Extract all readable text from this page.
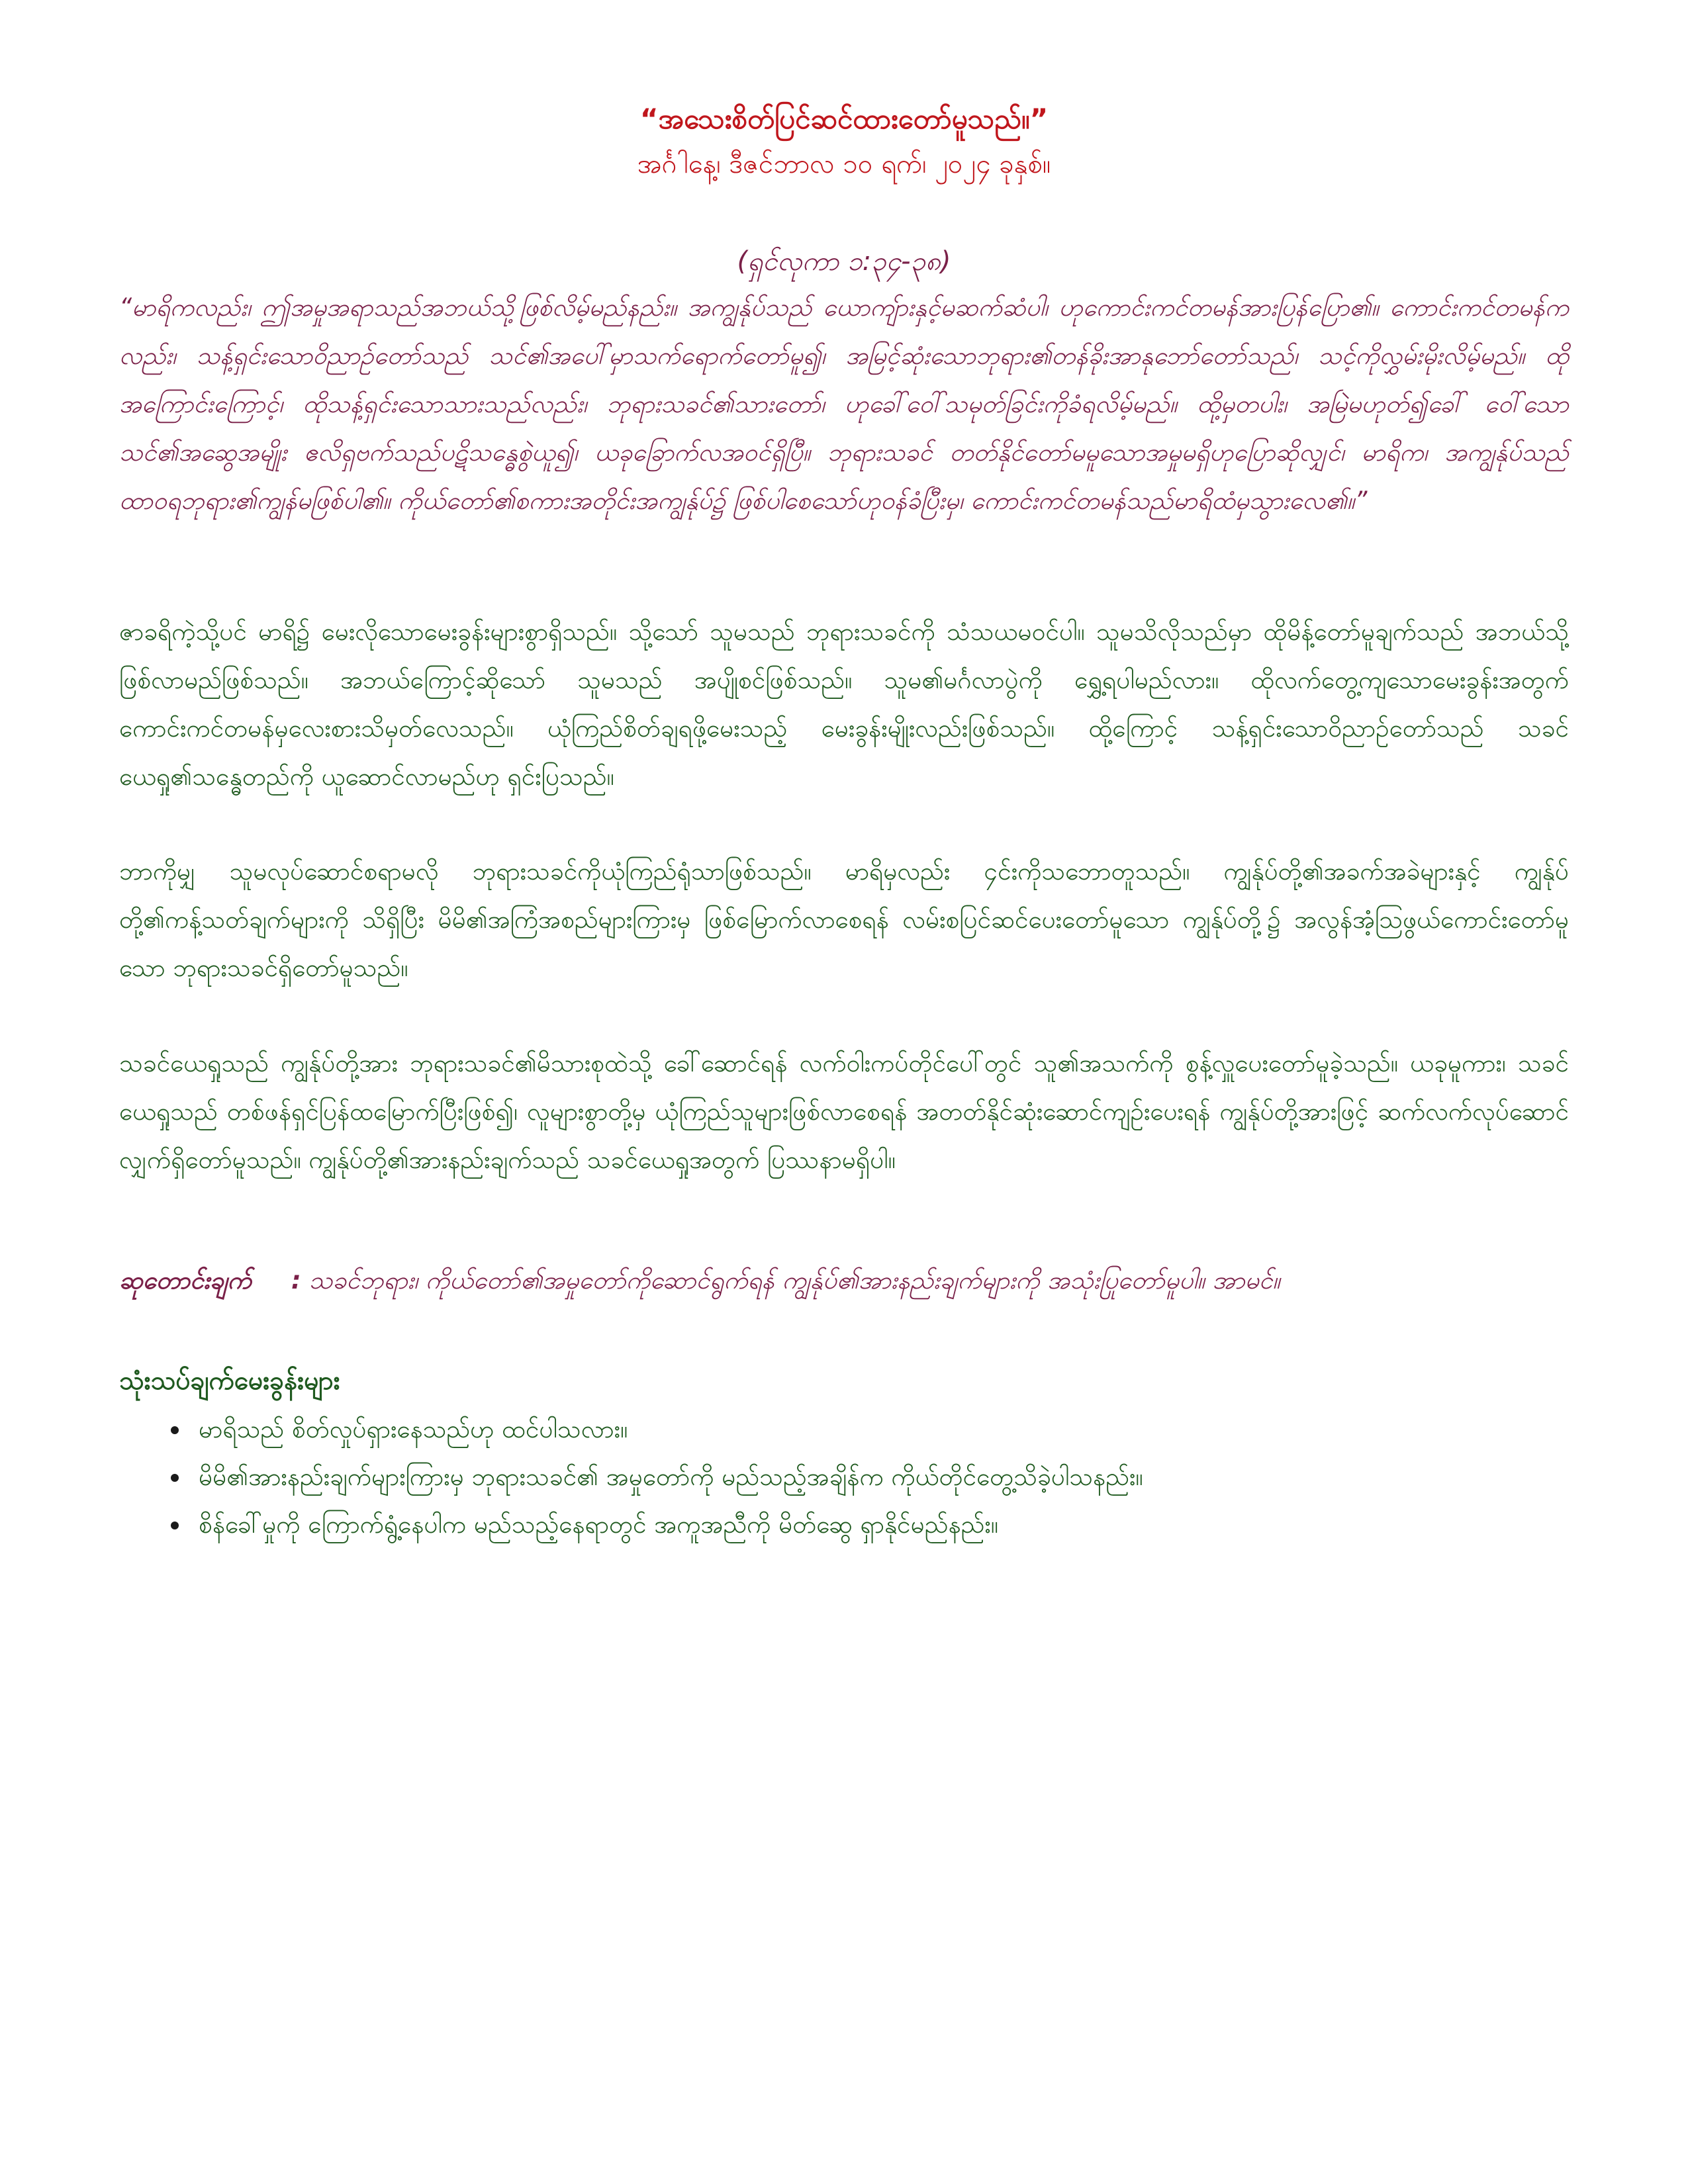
“အသေးစိတ်ပြင်ဆင်ထားတော်မူသည်။”
အင်္ဂါနေ့၊ ဒီဇင်ဘာလ ၁၀ ရက်၊ ၂၀၂၄ ခုနှစ်။
(ရှင်လုကာ ၁:၃၄-၃၈)

“မာရိကလည်း၊ ဤအမှုအရာသည်အဘယ်သို့ဖြစ်လိမ့်မည်နည်း။ အကျွန်ုပ်သည် ယောကျ်ားနှင့်မဆက်ဆံပါ၊ ဟုကောင်းကင်တမန်အားပြန်ပြော၏။ ကောင်းကင်တမန်ကလည်း၊ သန့်ရှင်းသောဝိညာဉ်တော်သည် သင်၏အပေါ်မှာသက်ရောက်တော်မူ၍၊ အမြင့်ဆုံးသောဘုရား၏တန်ခိုးအာနုဘော်တော်သည်၊ သင့်ကိုလွှမ်းမိုးလိမ့်မည်။ ထိုအကြောင်းကြောင့်၊ ထိုသန့်ရှင်းသောသားသည်လည်း၊ ဘုရားသခင်၏သားတော်၊ ဟုခေါ်ဝေါ်သမုတ်ခြင်းကိုခံရလိမ့်မည်။ ထို့မှတပါး၊ အမြဲမဟုတ်၍ခေါ် ဝေါ်သောသင်၏အဆွေအမျိုး ဧလိရှဗက်သည်ပဋိသန္ဓေစွဲယူ၍၊ ယခုခြောက်လအဝင်ရှိပြီ။ ဘုရားသခင် တတ်နိုင်တော်မမူသောအမှုမရှိဟုပြောဆိုလျှင်၊ မာရိက၊ အကျွန်ုပ်သည်ထာဝရဘုရား၏ကျွန်မဖြစ်ပါ၏။ ကိုယ်တော်၏စကားအတိုင်းအကျွန်ုပ်၌ ဖြစ်ပါစေသော်ဟုဝန်ခံပြီးမှ၊ ကောင်းကင်တမန်သည်မာရိထံမှသွားလေ၏။”

ဇာခရိကဲ့သို့ပင် မာရိ၌ မေးလိုသောမေးခွန်းများစွာရှိသည်။ သို့သော် သူမသည် ဘုရားသခင်ကို သံသယမဝင်ပါ။ သူမသိလိုသည်မှာ ထိုမိန့်တော်မူချက်သည် အဘယ်သို့ဖြစ်လာမည်ဖြစ်သည်။ အဘယ်ကြောင့်ဆိုသော် သူမသည် အပျိုစင်ဖြစ်သည်။ သူမ၏မင်္ဂလာပွဲကို ရွှေ့ရပါမည်လား။ ထိုလက်တွေ့ကျသောမေးခွန်းအတွက် ကောင်းကင်တမန်မှလေးစားသိမှတ်လေသည်။ ယုံကြည်စိတ်ချရဖို့မေးသည့် မေးခွန်းမျိုးလည်းဖြစ်သည်။ ထို့ကြောင့် သန့်ရှင်းသောဝိညာဉ်တော်သည် သခင်ယေရှု၏သန္ဓေတည်ကို ယူဆောင်လာမည်ဟု ရှင်းပြသည်။

ဘာကိုမျှ သူမလုပ်ဆောင်စရာမလို ဘုရားသခင်ကိုယုံကြည်ရုံသာဖြစ်သည်။ မာရိမှလည်း ၄င်းကိုသဘောတူသည်။ ကျွန်ုပ်တို့၏အခက်အခဲများနှင့် ကျွန်ုပ်တို့၏ကန့်သတ်ချက်များကို သိရှိပြီး မိမိ၏အကြံအစည်များကြားမှ ဖြစ်မြောက်လာစေရန် လမ်းစပြင်ဆင်ပေးတော်မူသော ကျွန်ုပ်တို့၌ အလွန်အံ့သြဖွယ်ကောင်းတော်မူသော ဘုရားသခင်ရှိတော်မူသည်။

သခင်ယေရှုသည် ကျွန်ုပ်တို့အား ဘုရားသခင်၏မိသားစုထဲသို့ ခေါ်ဆောင်ရန် လက်ဝါးကပ်တိုင်ပေါ်တွင် သူ၏အသက်ကို စွန့်လှူပေးတော်မူခဲ့သည်။ ယခုမူကား၊ သခင်ယေရှုသည် တစ်ဖန်ရှင်ပြန်ထမြောက်ပြီးဖြစ်၍၊ လူများစွာတို့မှ ယုံကြည်သူများဖြစ်လာစေရန် အတတ်နိုင်ဆုံးဆောင်ကျဉ်းပေးရန် ကျွန်ုပ်တို့အားဖြင့် ဆက်လက်လုပ်ဆောင်လျှက်ရှိတော်မူသည်။ ကျွန်ုပ်တို့၏အားနည်းချက်သည် သခင်ယေရှုအတွက် ပြဿနာမရှိပါ။

ဆုတောင်းချက် : သခင်ဘုရား၊ ကိုယ်တော်၏အမှုတော်ကိုဆောင်ရွက်ရန် ကျွန်ုပ်၏အားနည်းချက်များကို အသုံးပြုတော်မူပါ။ အာမင်။

သုံးသပ်ချက်မေးခွန်းများ

မာရိသည် စိတ်လှုပ်ရှားနေသည်ဟု ထင်ပါသလား။
မိမိ၏အားနည်းချက်များကြားမှ ဘုရားသခင်၏ အမှုတော်ကို မည်သည့်အချိန်က ကိုယ်တိုင်တွေ့သိခဲ့ပါသနည်း။
စိန်ခေါ်မှုကို ကြောက်ရွံ့နေပါက မည်သည့်နေရာတွင် အကူအညီကို မိတ်ဆွေ ရှာနိုင်မည်နည်း။
